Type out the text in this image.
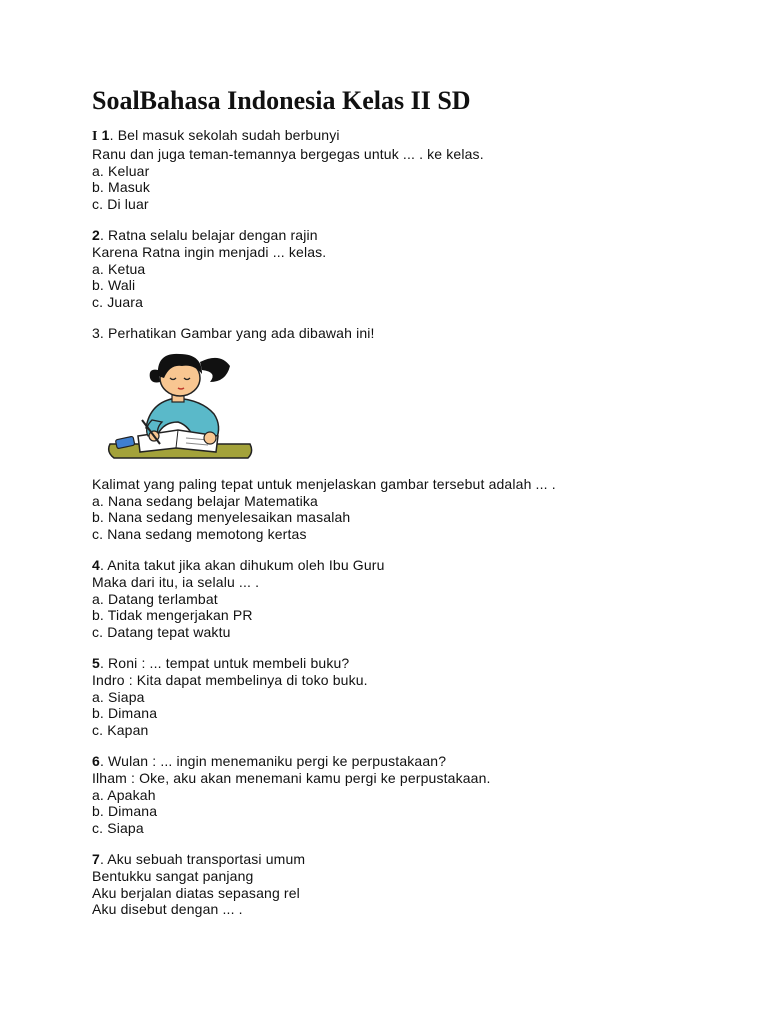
SoalBahasa Indonesia Kelas II SD
I 1. Bel masuk sekolah sudah berbunyi
Ranu dan juga teman-temannya bergegas untuk ... . ke kelas.
a. Keluar
b. Masuk
c. Di luar
2. Ratna selalu belajar dengan rajin
Karena Ratna ingin menjadi ... kelas.
a. Ketua
b. Wali
c. Juara
3. Perhatikan Gambar yang ada dibawah ini!
Kalimat yang paling tepat untuk menjelaskan gambar tersebut adalah ... .
a. Nana sedang belajar Matematika
b. Nana sedang menyelesaikan masalah
c. Nana sedang memotong kertas
4. Anita takut jika akan dihukum oleh Ibu Guru
Maka dari itu, ia selalu ... .
a. Datang terlambat
b. Tidak mengerjakan PR
c. Datang tepat waktu
5. Roni : ... tempat untuk membeli buku?
Indro : Kita dapat membelinya di toko buku.
a. Siapa
b. Dimana
c. Kapan
6. Wulan : ... ingin menemaniku pergi ke perpustakaan?
Ilham : Oke, aku akan menemani kamu pergi ke perpustakaan.
a. Apakah
b. Dimana
c. Siapa
7. Aku sebuah transportasi umum
Bentukku sangat panjang
Aku berjalan diatas sepasang rel
Aku disebut dengan ... .
